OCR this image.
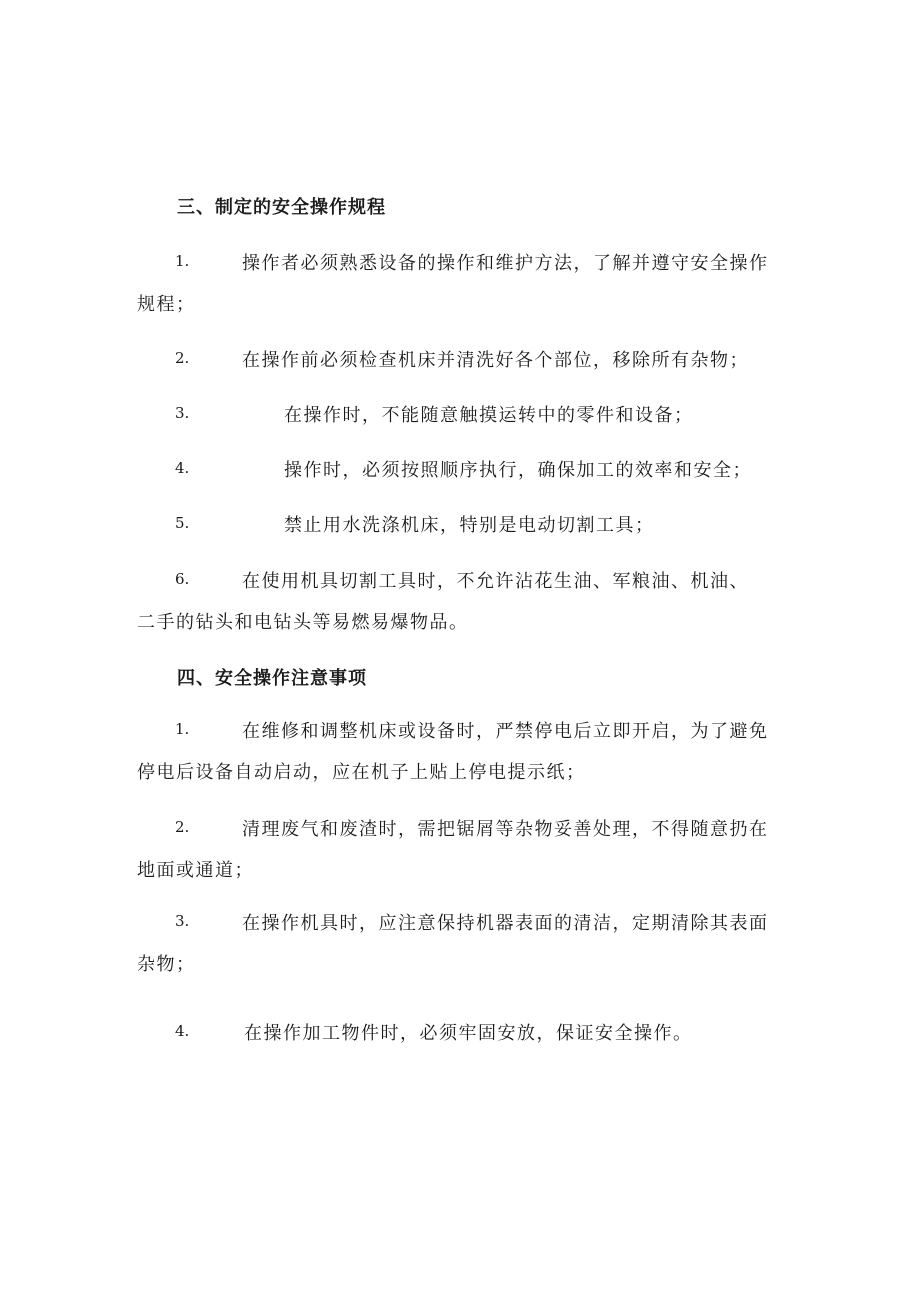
三、制定的安全操作规程
1.	操作者必须熟悉设备的操作和维护方法，了解并遵守安全操作
规程；
2.	在操作前必须检查机床并清洗好各个部位，移除所有杂物；
3.	在操作时，不能随意触摸运转中的零件和设备；
4.	操作时，必须按照顺序执行，确保加工的效率和安全；
5.	禁止用水洗涤机床，特别是电动切割工具；
6.	在使用机具切割工具时，不允许沾花生油、军粮油、机油、
二手的钻头和电钻头等易燃易爆物品。
四、安全操作注意事项
1.	在维修和调整机床或设备时，严禁停电后立即开启，为了避免
停电后设备自动启动，应在机子上贴上停电提示纸；
2.	清理废气和废渣时，需把锯屑等杂物妥善处理，不得随意扔在
地面或通道；
3.	在操作机具时，应注意保持机器表面的清洁，定期清除其表面
杂物；
4.	在操作加工物件时，必须牢固安放，保证安全操作。
